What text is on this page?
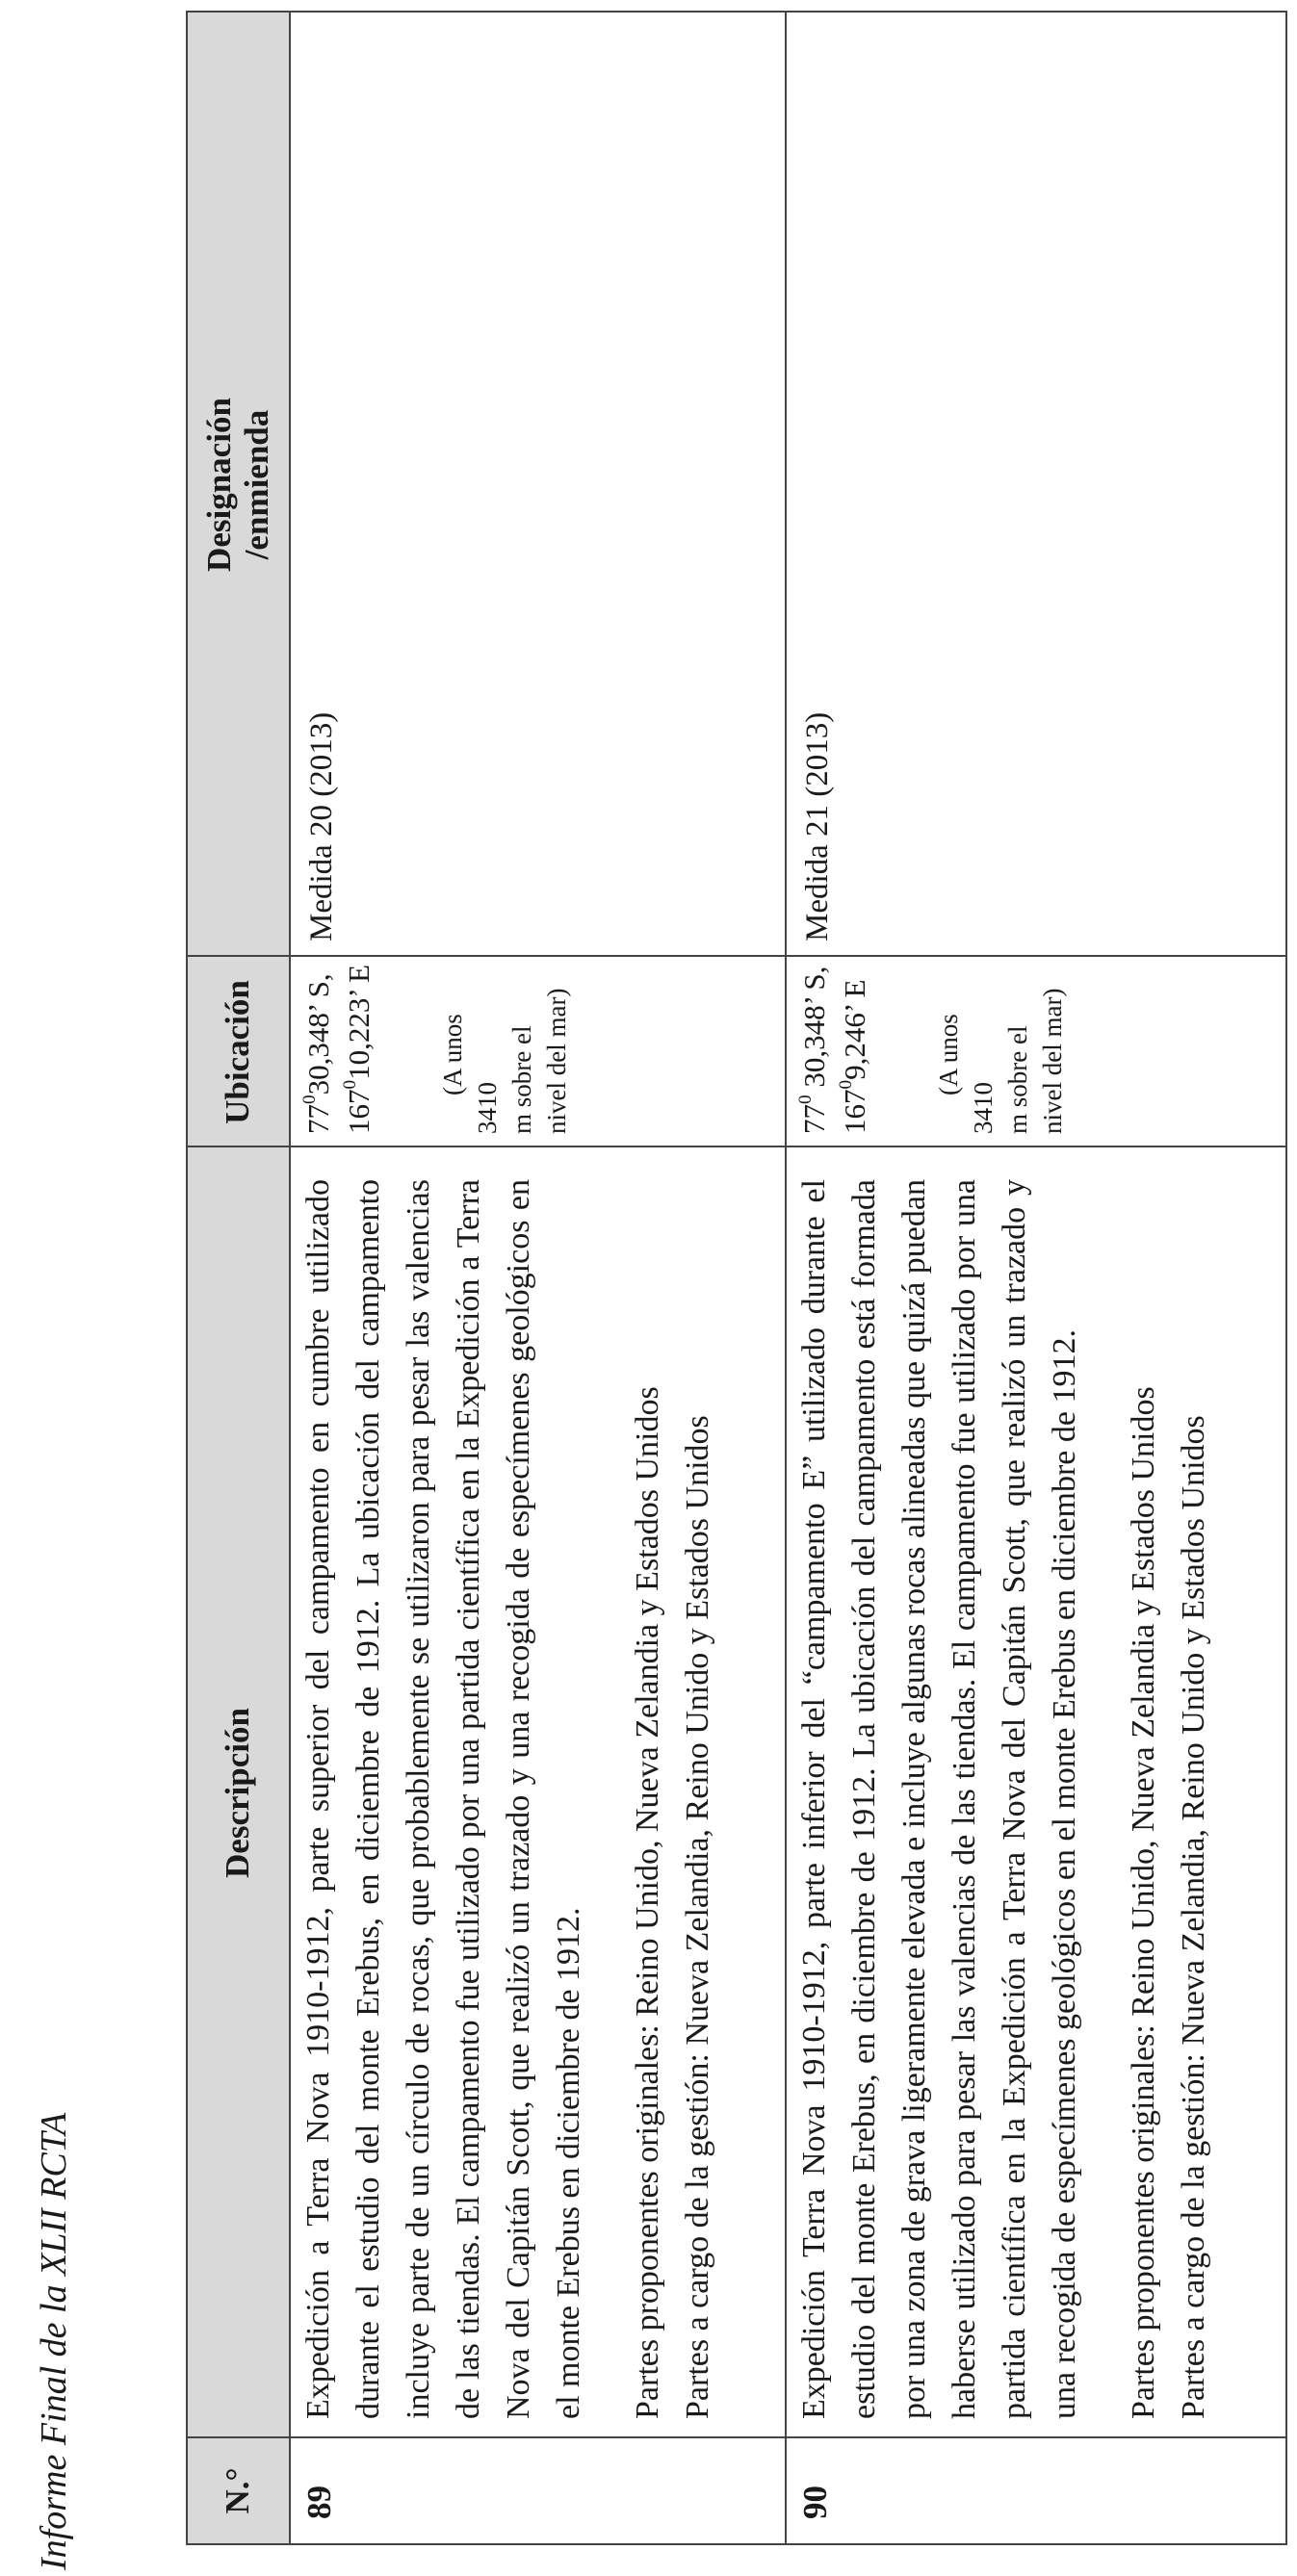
Informe Final de la XLII RCTA	N.°
Descripción
Ubicación
Designación /enmienda
89

Expedición a Terra Nova 1910-1912, parte superior del campamento en cumbre utilizado durante el estudio del monte Erebus, en diciembre de 1912. La ubicación del campamento incluye parte de un círculo de rocas, que probablemente se utilizaron para pesar las valencias de las tiendas. El campamento fue utilizado por una partida científica en la Expedición a Terra Nova del Capitán Scott, que realizó un trazado y una recogida de especímenes geológicos en el monte Erebus en diciembre de 1912. Partes proponentes originales: Reino Unido, Nueva Zelandia y Estados Unidos Partes a cargo de la gestión: Nueva Zelandia, Reino Unido y Estados Unidos

$77^030,348$’ S,

$167^010,223$’ E (A unos 3410 m sobre el nivel del mar)

Medida 20 (2013)
90

Expedición Terra Nova 1910-1912, parte inferior del “campamento E” utilizado durante el estudio del monte Erebus, en diciembre de 1912. La ubicación del campamento está formada por una zona de grava ligeramente elevada e incluye algunas rocas alineadas que quizá puedan haberse utilizado para pesar las valencias de las tiendas. El campamento fue utilizado por una partida científica en la Expedición a Terra Nova del Capitán Scott, que realizó un trazado y una recogida de especímenes geológicos en el monte Erebus en diciembre de 1912. Partes proponentes originales: Reino Unido, Nueva Zelandia y Estados Unidos Partes a cargo de la gestión: Nueva Zelandia, Reino Unido y Estados Unidos

$77^0$ 30,348’ S,

$167^09,246$’ E (A unos 3410 m sobre el nivel del mar)

Medida 21 (2013)
